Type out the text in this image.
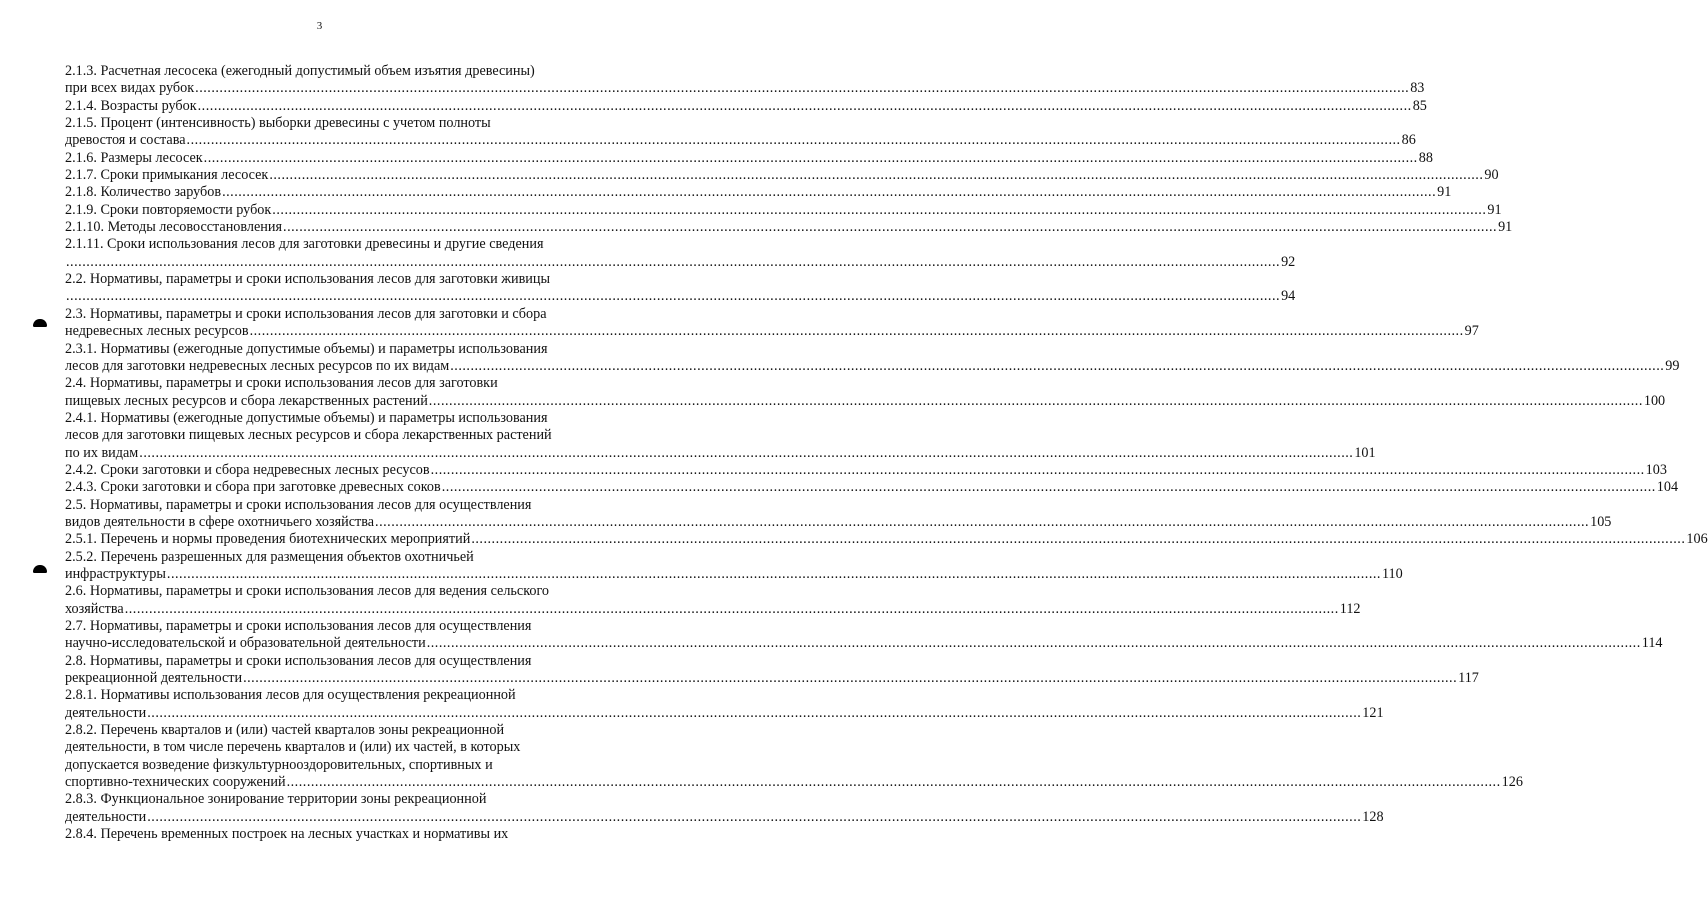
3
2.1.3. Расчетная лесосека (ежегодный допустимый объем изъятия древесины)
при всех видах рубок ............................................................................................................................................................................................................................................................................................................ 83
2.1.4. Возрасты рубок ............................................................................................................................................................................................................................................................................................................ 85
2.1.5. Процент (интенсивность) выборки древесины с учетом полноты
древостоя и состава ............................................................................................................................................................................................................................................................................................................ 86
2.1.6. Размеры лесосек ............................................................................................................................................................................................................................................................................................................ 88
2.1.7. Сроки примыкания лесосек ............................................................................................................................................................................................................................................................................................................ 90
2.1.8. Количество зарубов ............................................................................................................................................................................................................................................................................................................ 91
2.1.9. Сроки повторяемости рубок ............................................................................................................................................................................................................................................................................................................ 91
2.1.10. Методы лесовосстановления ............................................................................................................................................................................................................................................................................................................ 91
2.1.11. Сроки использования лесов для заготовки древесины и другие сведения
............................................................................................................................................................................................................................................................................................................ 92
2.2. Нормативы, параметры и сроки использования лесов для заготовки живицы
............................................................................................................................................................................................................................................................................................................ 94
2.3. Нормативы, параметры и сроки использования лесов для заготовки и сбора
недревесных лесных ресурсов ............................................................................................................................................................................................................................................................................................................ 97
2.3.1. Нормативы (ежегодные допустимые объемы) и параметры использования
лесов для заготовки недревесных лесных ресурсов по их видам ............................................................................................................................................................................................................................................................................................................ 99
2.4. Нормативы, параметры и сроки использования лесов для заготовки
пищевых лесных ресурсов и сбора лекарственных растений ............................................................................................................................................................................................................................................................................................................ 100
2.4.1. Нормативы (ежегодные допустимые объемы) и параметры использования
лесов для заготовки пищевых лесных ресурсов и сбора лекарственных растений
по их видам ............................................................................................................................................................................................................................................................................................................ 101
2.4.2. Сроки заготовки и сбора недревесных лесных ресусов ............................................................................................................................................................................................................................................................................................................ 103
2.4.3. Сроки заготовки и сбора при заготовке древесных соков ............................................................................................................................................................................................................................................................................................................ 104
2.5. Нормативы, параметры и сроки использования лесов для осуществления
видов деятельности в сфере охотничьего хозяйства ............................................................................................................................................................................................................................................................................................................ 105
2.5.1. Перечень и нормы проведения биотехнических мероприятий ............................................................................................................................................................................................................................................................................................................ 106
2.5.2. Перечень разрешенных для размещения объектов охотничьей
инфраструктуры ............................................................................................................................................................................................................................................................................................................ 110
2.6. Нормативы, параметры и сроки использования лесов для ведения сельского
хозяйства ............................................................................................................................................................................................................................................................................................................ 112
2.7. Нормативы, параметры и сроки использования лесов для осуществления
научно-исследовательской и образовательной деятельности ............................................................................................................................................................................................................................................................................................................ 114
2.8. Нормативы, параметры и сроки использования лесов для осуществления
рекреационной деятельности ............................................................................................................................................................................................................................................................................................................ 117
2.8.1. Нормативы использования лесов для осуществления рекреационной
деятельности ............................................................................................................................................................................................................................................................................................................ 121
2.8.2. Перечень кварталов и (или) частей кварталов зоны рекреационной
деятельности, в том числе перечень кварталов и (или) их частей, в которых
допускается возведение физкультурнооздоровительных, спортивных и
спортивно-технических сооружений ............................................................................................................................................................................................................................................................................................................ 126
2.8.3. Функциональное зонирование территории зоны рекреационной
деятельности ............................................................................................................................................................................................................................................................................................................ 128
2.8.4. Перечень временных построек на лесных участках и нормативы их
